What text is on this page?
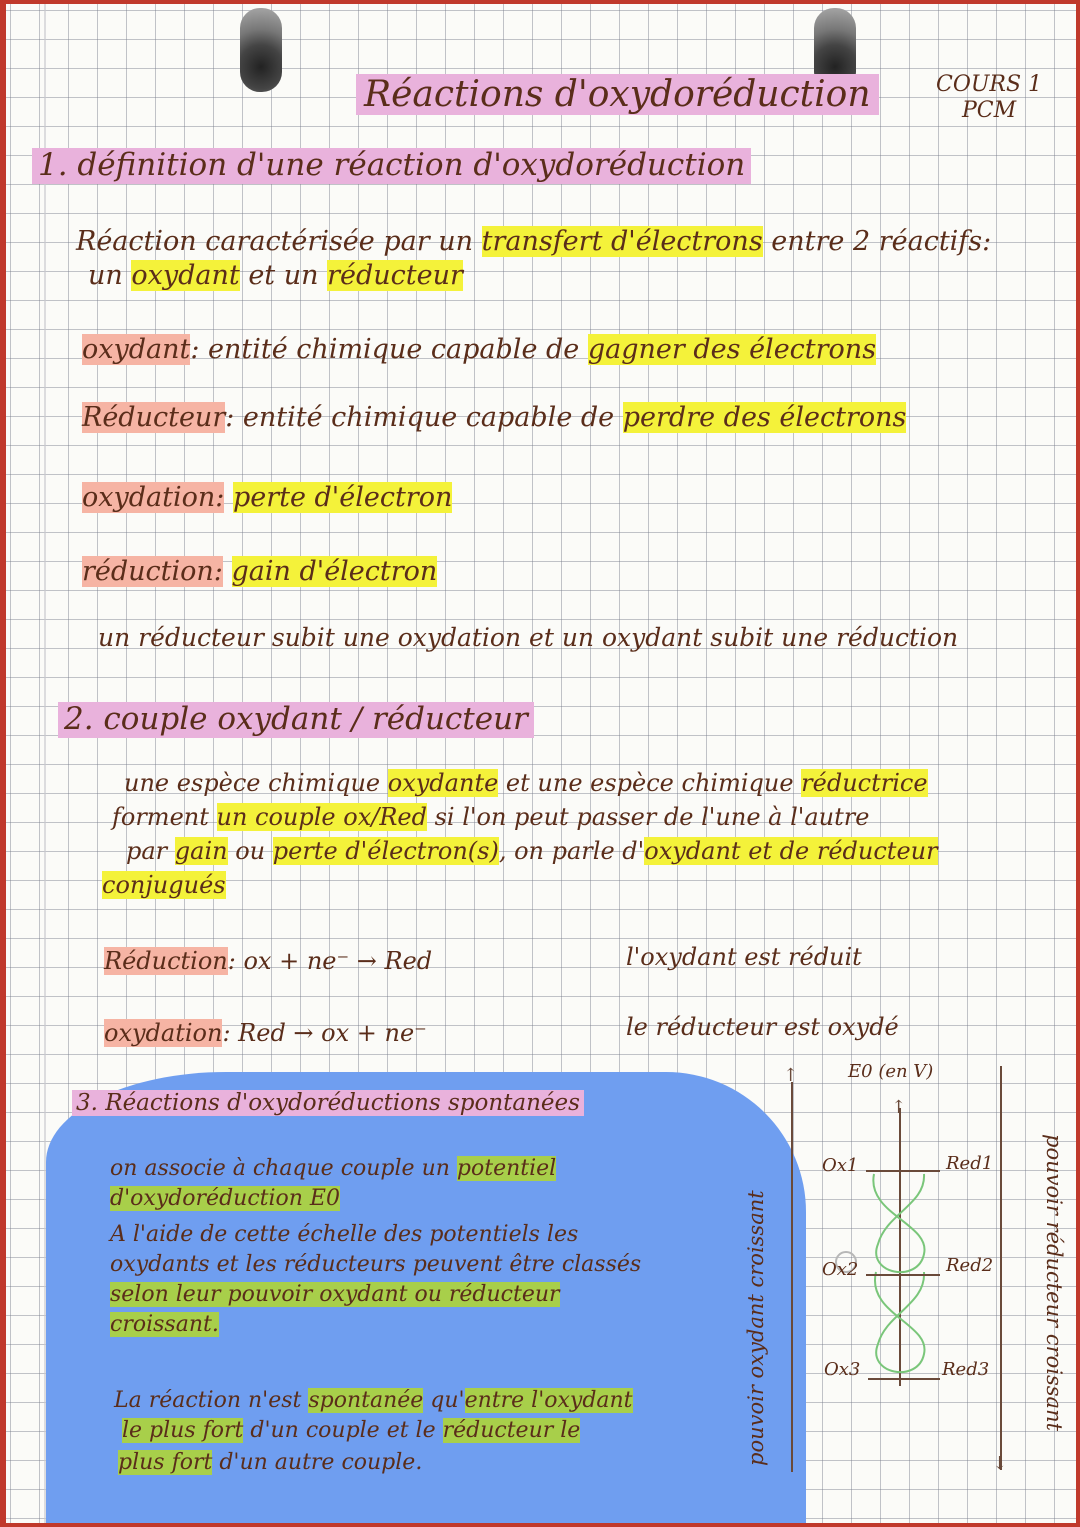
Réactions d'oxydoréduction	COURS 1
PCM
1. définition d'une réaction d'oxydoréduction
Réaction caractérisée par un transfert d'électrons entre 2 réactifs:
un oxydant et un réducteur
oxydant: entité chimique capable de gagner des électrons
Réducteur: entité chimique capable de perdre des électrons
oxydation: perte d'électron
réduction: gain d'électron
un réducteur subit une oxydation et un oxydant subit une réduction
2. couple oxydant / réducteur
une espèce chimique oxydante et une espèce chimique réductrice
forment un couple ox/Red si l'on peut passer de l'une à l'autre
par gain ou perte d'électron(s), on parle d'oxydant et de réducteur
conjugués
Réduction: ox + ne⁻ → Red	l'oxydant est réduit
oxydation: Red → ox + ne⁻	le réducteur est oxydé
3. Réactions d'oxydoréductions spontanées
on associe à chaque couple un potentiel
d'oxydoréduction E0
A l'aide de cette échelle des potentiels les
oxydants et les réducteurs peuvent être classés
selon leur pouvoir oxydant ou réducteur
croissant.
La réaction n'est spontanée qu'entre l'oxydant
le plus fort d'un couple et le réducteur le
plus fort d'un autre couple.
E0 (en V)
pouvoir oxydant croissant	pouvoir réducteur croissant
↑
↓
↑
Ox1	Red1
Ox2	Red2
Ox3	Red3
